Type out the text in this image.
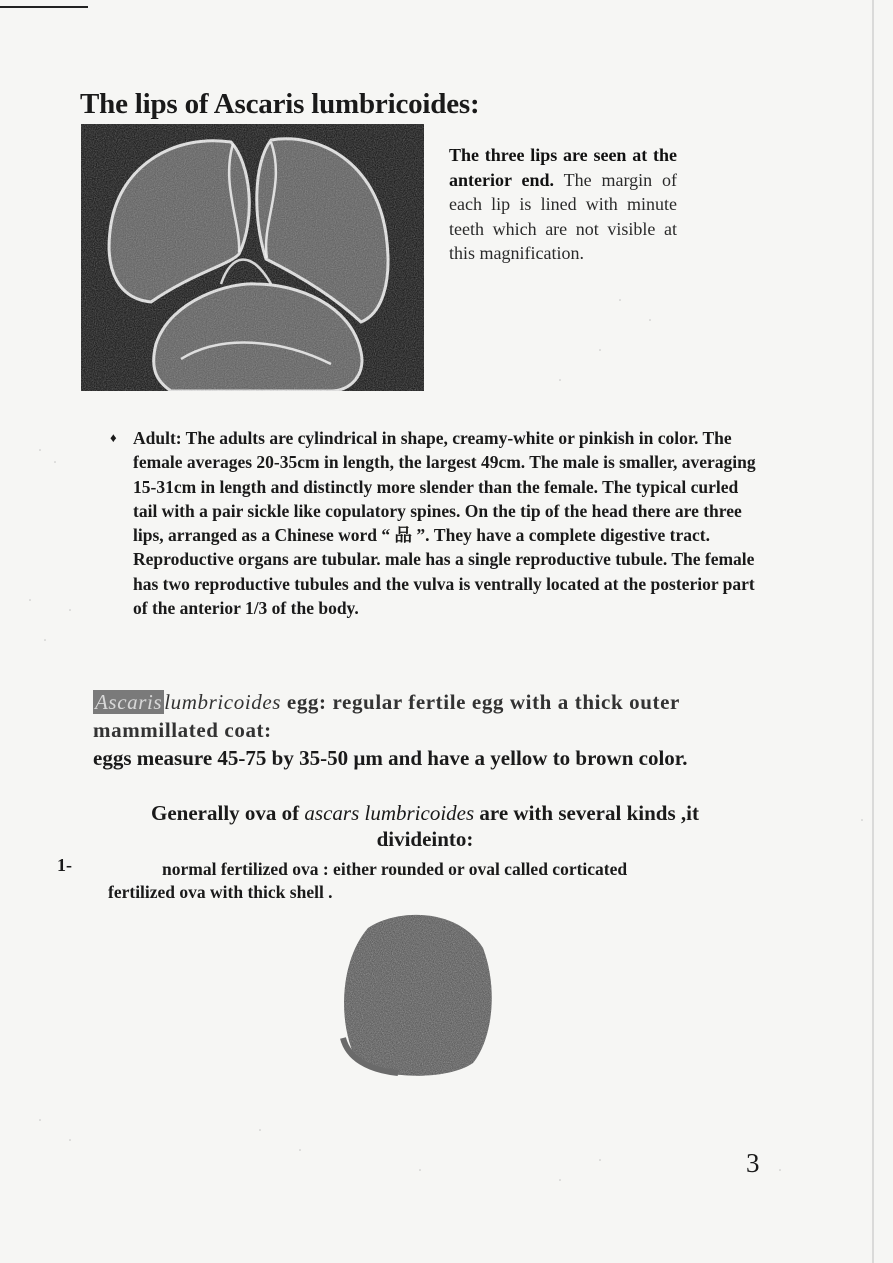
The lips of Ascaris lumbricoides:
The three lips are seen at the anterior end. The margin of each lip is lined with minute teeth which are not visible at this magnification.
♦ Adult: The adults are cylindrical in shape, creamy-white or pinkish in color. The female averages 20-35cm in length, the largest 49cm. The male is smaller, averaging 15-31cm in length and distinctly more slender than the female. The typical curled tail with a pair sickle like copulatory spines. On the tip of the head there are three lips, arranged as a Chinese word “ 品 ”. They have a complete digestive tract. Reproductive organs are tubular. male has a single reproductive tubule. The female has two reproductive tubules and the vulva is ventrally located at the posterior part of the anterior 1/3 of the body.
Ascarislumbricoides egg: regular fertile egg with a thick outer mammillated coat:
eggs measure 45-75 by 35-50 µm and have a yellow to brown color.
Generally ova of ascars lumbricoides are with several kinds ,it divideinto:
1-	normal fertilized ova : either rounded or oval called corticated
fertilized ova with thick shell .
3
